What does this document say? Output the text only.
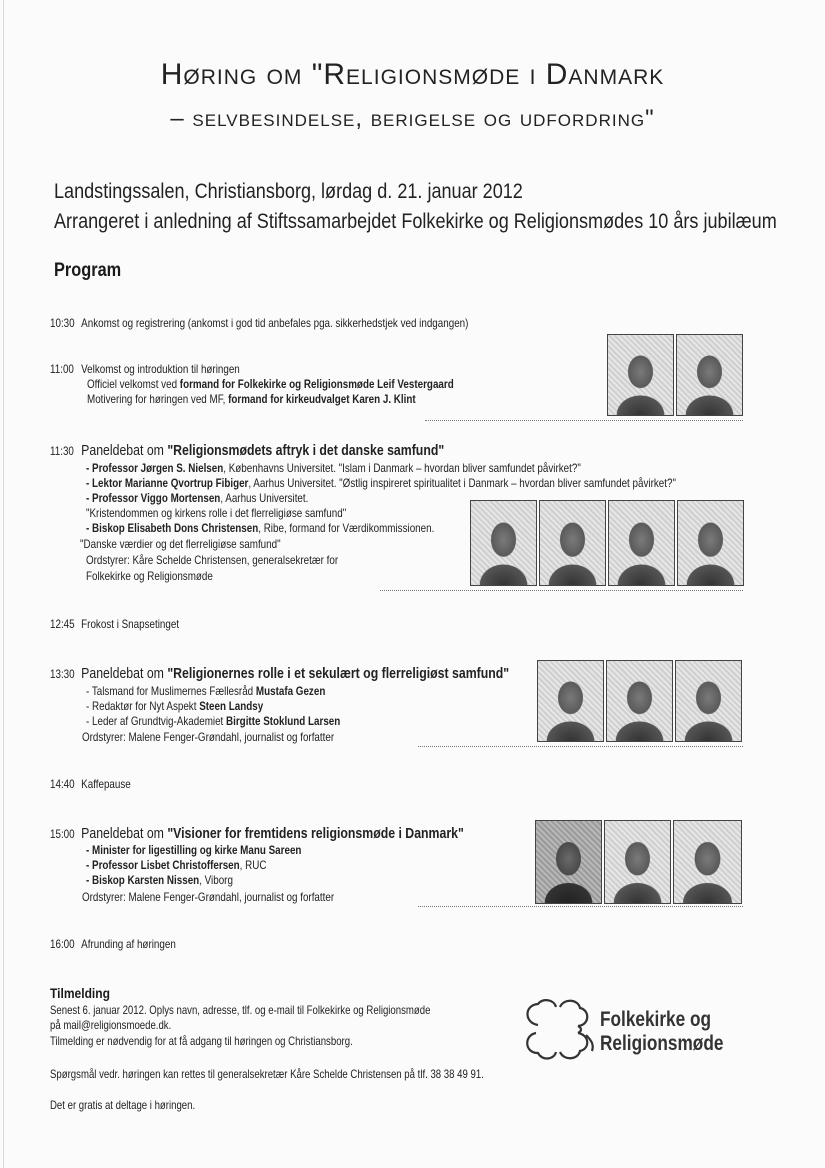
Høring om "Religionsmøde i Danmark
– selvbesindelse, berigelse og udfordring"
Landstingssalen, Christiansborg, lørdag d. 21. januar 2012
Arrangeret i anledning af Stiftssamarbejdet Folkekirke og Religionsmødes 10 års jubilæum
Program
10:30 Ankomst og registrering (ankomst i god tid anbefales pga. sikkerhedstjek ved indgangen)
11:00 Velkomst og introduktion til høringen
Officiel velkomst ved formand for Folkekirke og Religionsmøde Leif Vestergaard
Motivering for høringen ved MF, formand for kirkeudvalget Karen J. Klint
11:30 Paneldebat om "Religionsmødets aftryk i det danske samfund"
- Professor Jørgen S. Nielsen, Københavns Universitet. "Islam i Danmark – hvordan bliver samfundet påvirket?"
- Lektor Marianne Qvortrup Fibiger, Aarhus Universitet. "Østlig inspireret spiritualitet i Danmark – hvordan bliver samfundet påvirket?"
- Professor Viggo Mortensen, Aarhus Universitet.
"Kristendommen og kirkens rolle i det flerreligiøse samfund"
- Biskop Elisabeth Dons Christensen, Ribe, formand for Værdikommissionen.
"Danske værdier og det flerreligiøse samfund"
Ordstyrer: Kåre Schelde Christensen, generalsekretær for
Folkekirke og Religionsmøde
12:45 Frokost i Snapsetinget
13:30 Paneldebat om "Religionernes rolle i et sekulært og flerreligiøst samfund"
- Talsmand for Muslimernes Fællesråd Mustafa Gezen
- Redaktør for Nyt Aspekt Steen Landsy
- Leder af Grundtvig-Akademiet Birgitte Stoklund Larsen
Ordstyrer: Malene Fenger-Grøndahl, journalist og forfatter
14:40 Kaffepause
15:00 Paneldebat om "Visioner for fremtidens religionsmøde i Danmark"
- Minister for ligestilling og kirke Manu Sareen
- Professor Lisbet Christoffersen, RUC
- Biskop Karsten Nissen, Viborg
Ordstyrer: Malene Fenger-Grøndahl, journalist og forfatter
16:00 Afrunding af høringen
Tilmelding
Senest 6. januar 2012. Oplys navn, adresse, tlf. og e-mail til Folkekirke og Religionsmøde
på mail@religionsmoede.dk.
Tilmelding er nødvendig for at få adgang til høringen og Christiansborg.
Spørgsmål vedr. høringen kan rettes til generalsekretær Kåre Schelde Christensen på tlf. 38 38 49 91.
Det er gratis at deltage i høringen.
Folkekirke og
Religionsmøde
